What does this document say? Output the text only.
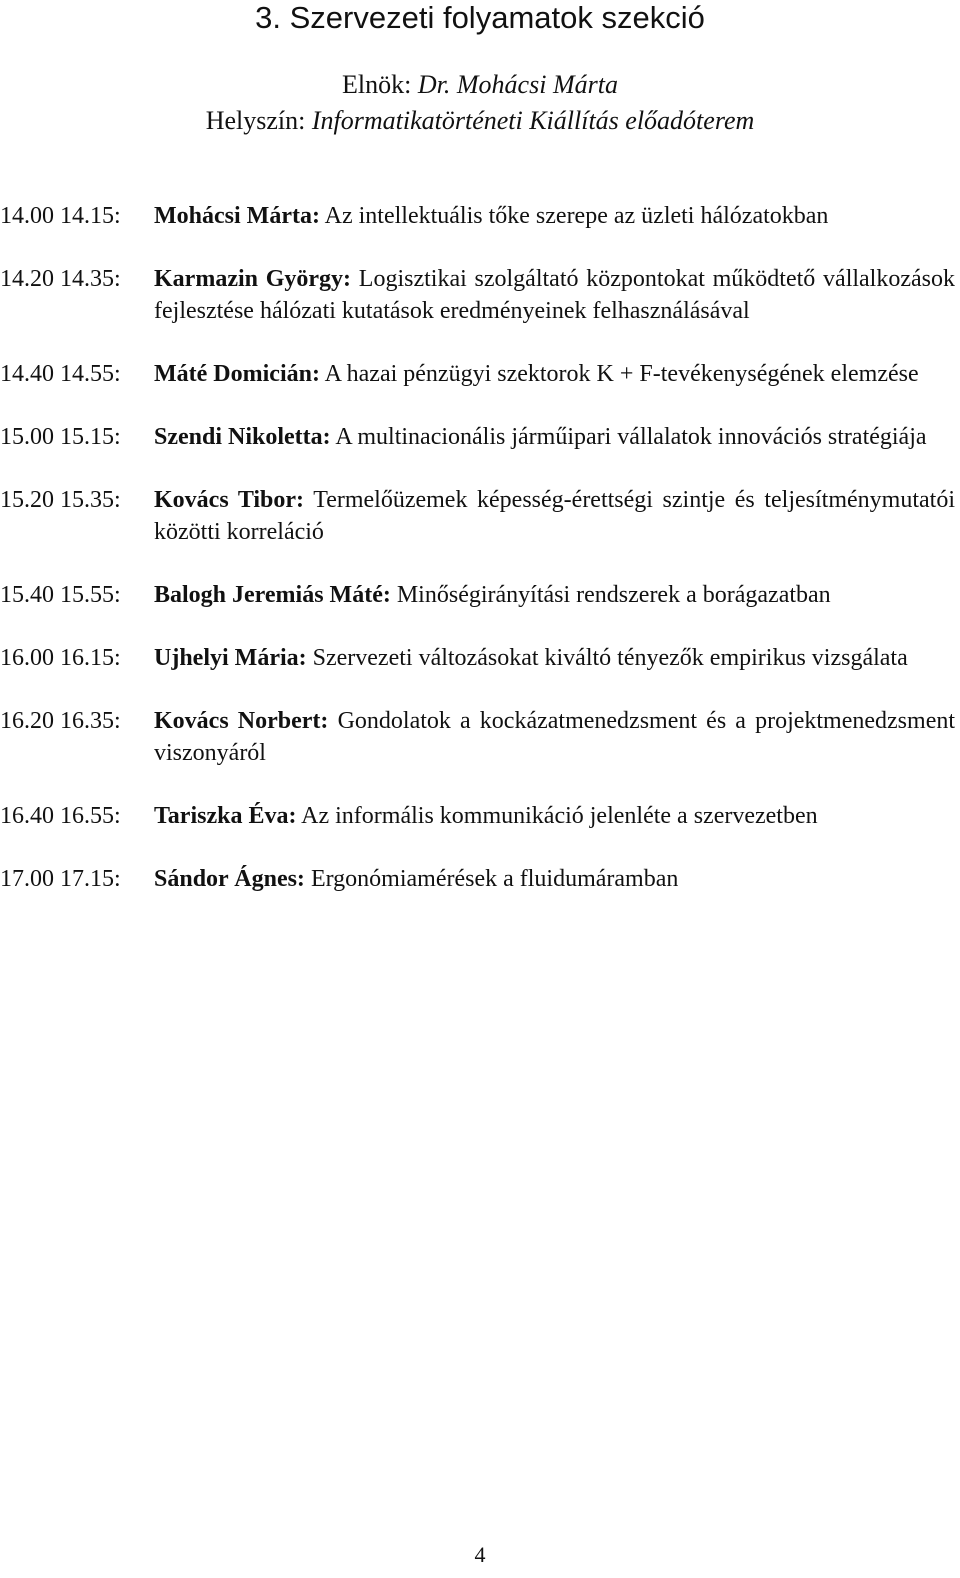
3. Szervezeti folyamatok szekció
Elnök: Dr. Mohácsi Márta
Helyszín: Informatikatörténeti Kiállítás előadóterem
14.00 14.15:	Mohácsi Márta: Az intellektuális tőke szerepe az üzleti hálózatokban
14.20 14.35:	Karmazin György: Logisztikai szolgáltató központokat működtető vállalkozások fejlesztése hálózati kutatások eredményeinek felhasználásával
14.40 14.55:	Máté Domicián: A hazai pénzügyi szektorok K + F-tevékenységének elemzése
15.00 15.15:	Szendi Nikoletta: A multinacionális járműipari vállalatok innovációs stratégiája
15.20 15.35:	Kovács Tibor: Termelőüzemek képesség-érettségi szintje és teljesítménymutatói közötti korreláció
15.40 15.55:	Balogh Jeremiás Máté: Minőségirányítási rendszerek a borágazatban
16.00 16.15:	Ujhelyi Mária: Szervezeti változásokat kiváltó tényezők empirikus vizsgálata
16.20 16.35:	Kovács Norbert: Gondolatok a kockázatmenedzsment és a projektmenedzsment viszonyáról
16.40 16.55:	Tariszka Éva: Az informális kommunikáció jelenléte a szervezetben
17.00 17.15:	Sándor Ágnes: Ergonómiamérések a fluidumáramban
4
